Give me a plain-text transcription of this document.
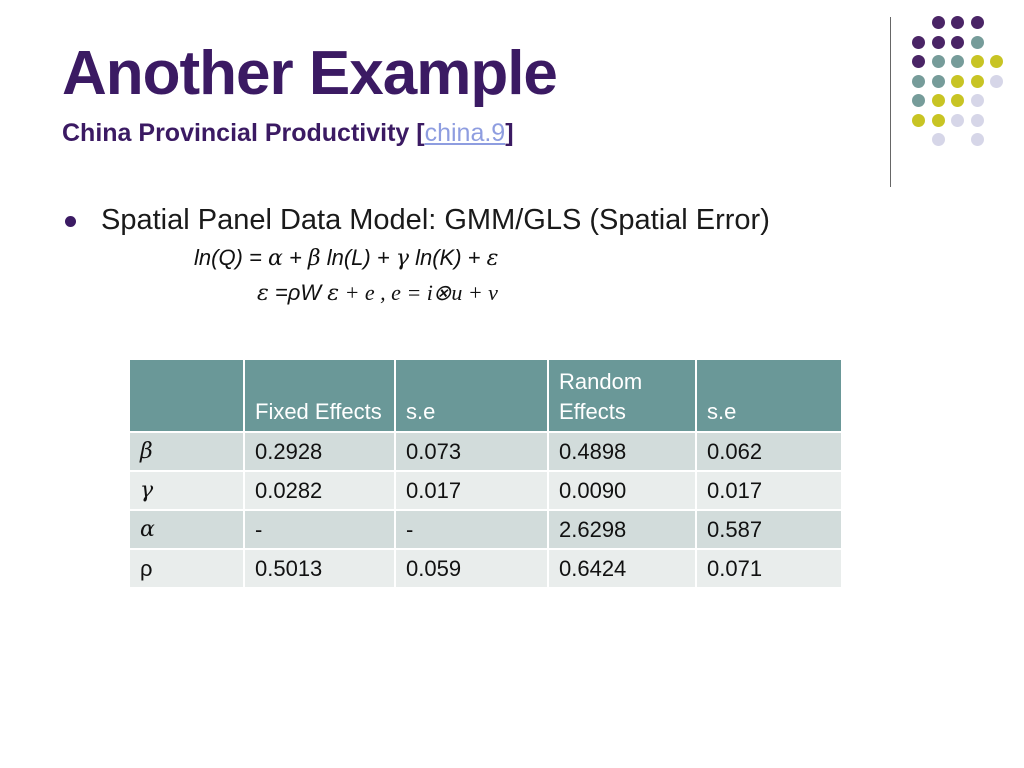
Another Example
China Provincial Productivity [china.9]
Spatial Panel Data Model: GMM/GLS (Spatial Error)
ln(Q) = α + β ln(L) + γ ln(K) + ε
ε =ρW ε + e , e = i⊗u + v
	Fixed Effects	s.e	Random Effects	s.e
β	0.2928	0.073	0.4898	0.062
γ	0.0282	0.017	0.0090	0.017
α	-	-	2.6298	0.587
ρ	0.5013	0.059	0.6424	0.071
